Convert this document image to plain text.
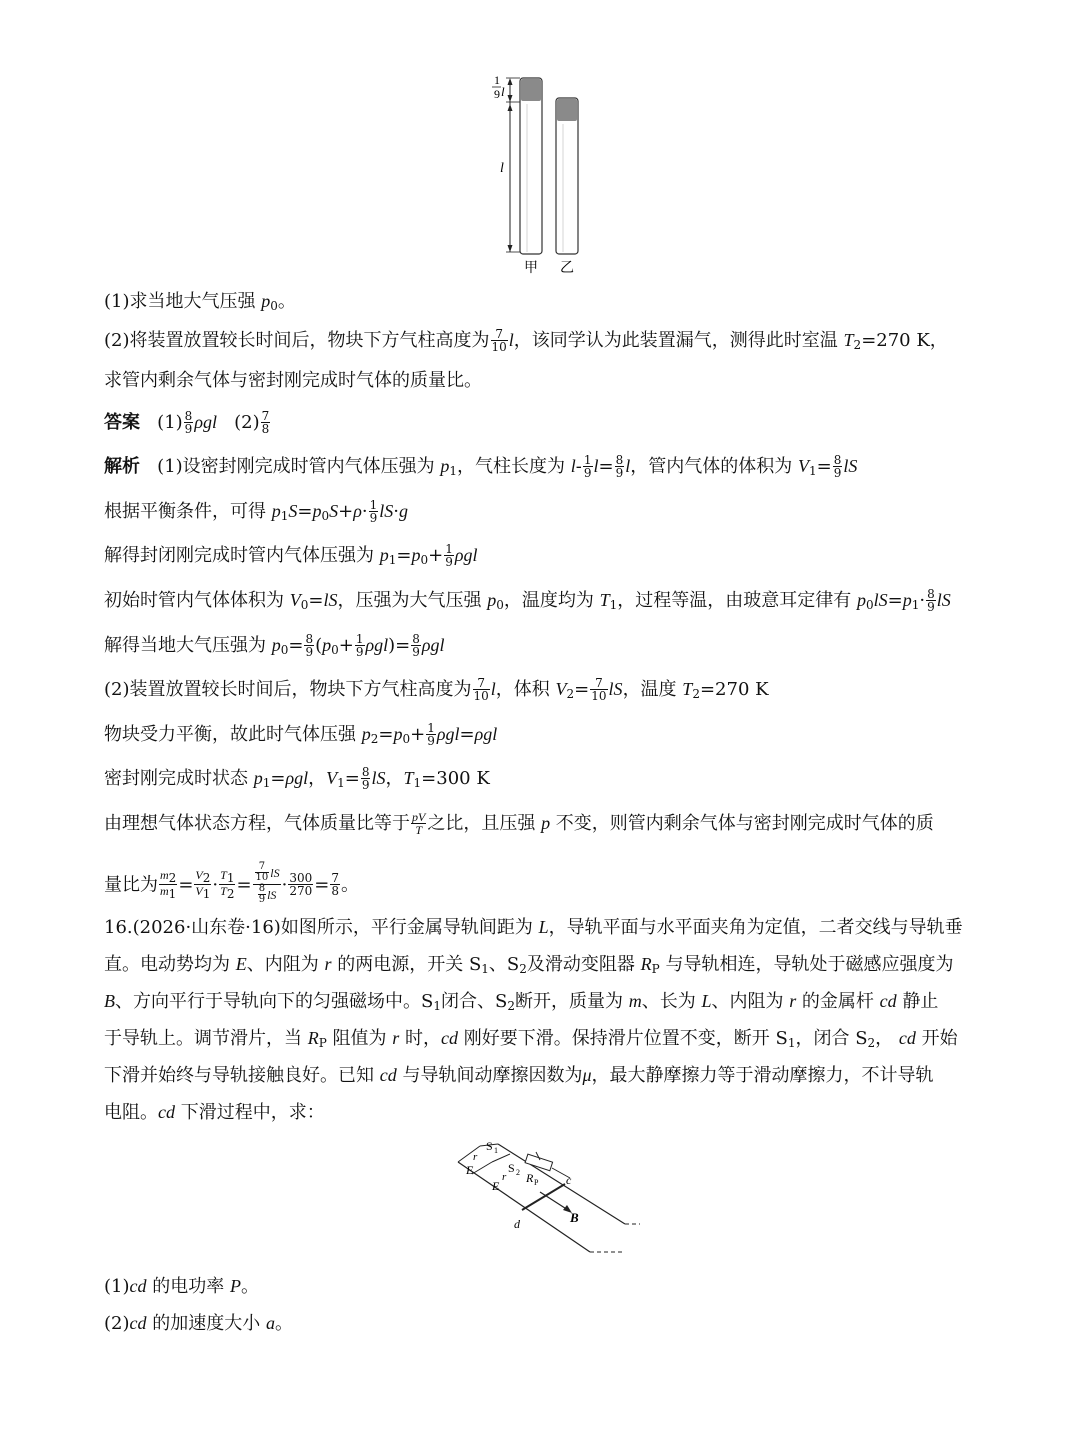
1
9 l
l
甲 乙
(1)求当地大气压强 $p_0$。
(2)将装置放置较长时间后，物块下方气柱高度为 $\frac{7}{10}$ l，该同学认为此装置漏气，测得此时室温 $T_2=270$ K，
求管内剩余气体与密封刚完成时气体的质量比。
答案 $(1) \frac{8}{9}$ ρgl $(2) \frac{7}{8}$
解析 (1)设密封刚完成时管内气体压强为 $p_1$，气柱长度为 $l- \frac{1}{9} l= \frac{8}{9}$ l，管内气体的体积为 $V_1= \frac{8}{9}$ lS
根据平衡条件，可得 $p_1S=p_0S+\rho\cdot \frac{1}{9} lS\cdot g$
解得封闭刚完成时管内气体压强为 $p_1=p_0+ \frac{1}{9}$ ρgl
初始时管内气体体积为 $V_0=lS$，压强为大气压强 $p_0$，温度均为 $T_1$，过程等温，由玻意耳定律有 $p_0lS=p_1\cdot \frac{8}{9}$ lS
解得当地大气压强为 $p_0= \frac{8}{9} (p_0+ \frac{1}{9} \rho gl)= \frac{8}{9}$ ρgl
(2)装置放置较长时间后，物块下方气柱高度为 $\frac{7}{10}$ l，体积 $V_2= \frac{7}{10}$ lS，温度 $T_2=270$ K
物块受力平衡，故此时气体压强 $p_2=p_0+ \frac{1}{9} \rho gl=\rho gl$
密封刚完成时状态 $p_1=\rho gl$，$V_1= \frac{8}{9}$ lS，$T_1=300$ K
由理想气体状态方程，气体质量比等于 $\frac{pV}{T}$ 之比，且压强 p 不变，则管内剩余气体与密封刚完成时气体的质
量比为 $\frac{m_2}{m_1} = \frac{V_2}{V_1} \cdot \frac{T_1}{T_2} = \frac{\frac{7}{10} lS}{\frac{8}{9} lS} \cdot \frac{300}{270} = \frac{7}{8}$ 。
16.(2026·山东卷·16)如图所示，平行金属导轨间距为 L，导轨平面与水平面夹角为定值，二者交线与导轨垂
直。电动势均为 E、内阻为 r 的两电源，开关 $S_1$、$S_2$及滑动变阻器 $R_P$ 与导轨相连，导轨处于磁感应强度为
B、方向平行于导轨向下的匀强磁场中。$S_1$闭合、$S_2$断开，质量为 m、长为 L、内阻为 r 的金属杆 cd 静止
于导轨上。调节滑片，当 $R_P$ 阻值为 r 时，cd 刚好要下滑。保持滑片位置不变，断开 $S_1$，闭合 $S_2$， cd 开始
下滑并始终与导轨接触良好。已知 cd 与导轨间动摩擦因数为μ，最大静摩擦力等于滑动摩擦力，不计导轨
电阻。cd 下滑过程中，求：
S 1
r
E	S 2
r
E
R P c
d	B
(1)cd 的电功率 P。
(2)cd 的加速度大小 a。
